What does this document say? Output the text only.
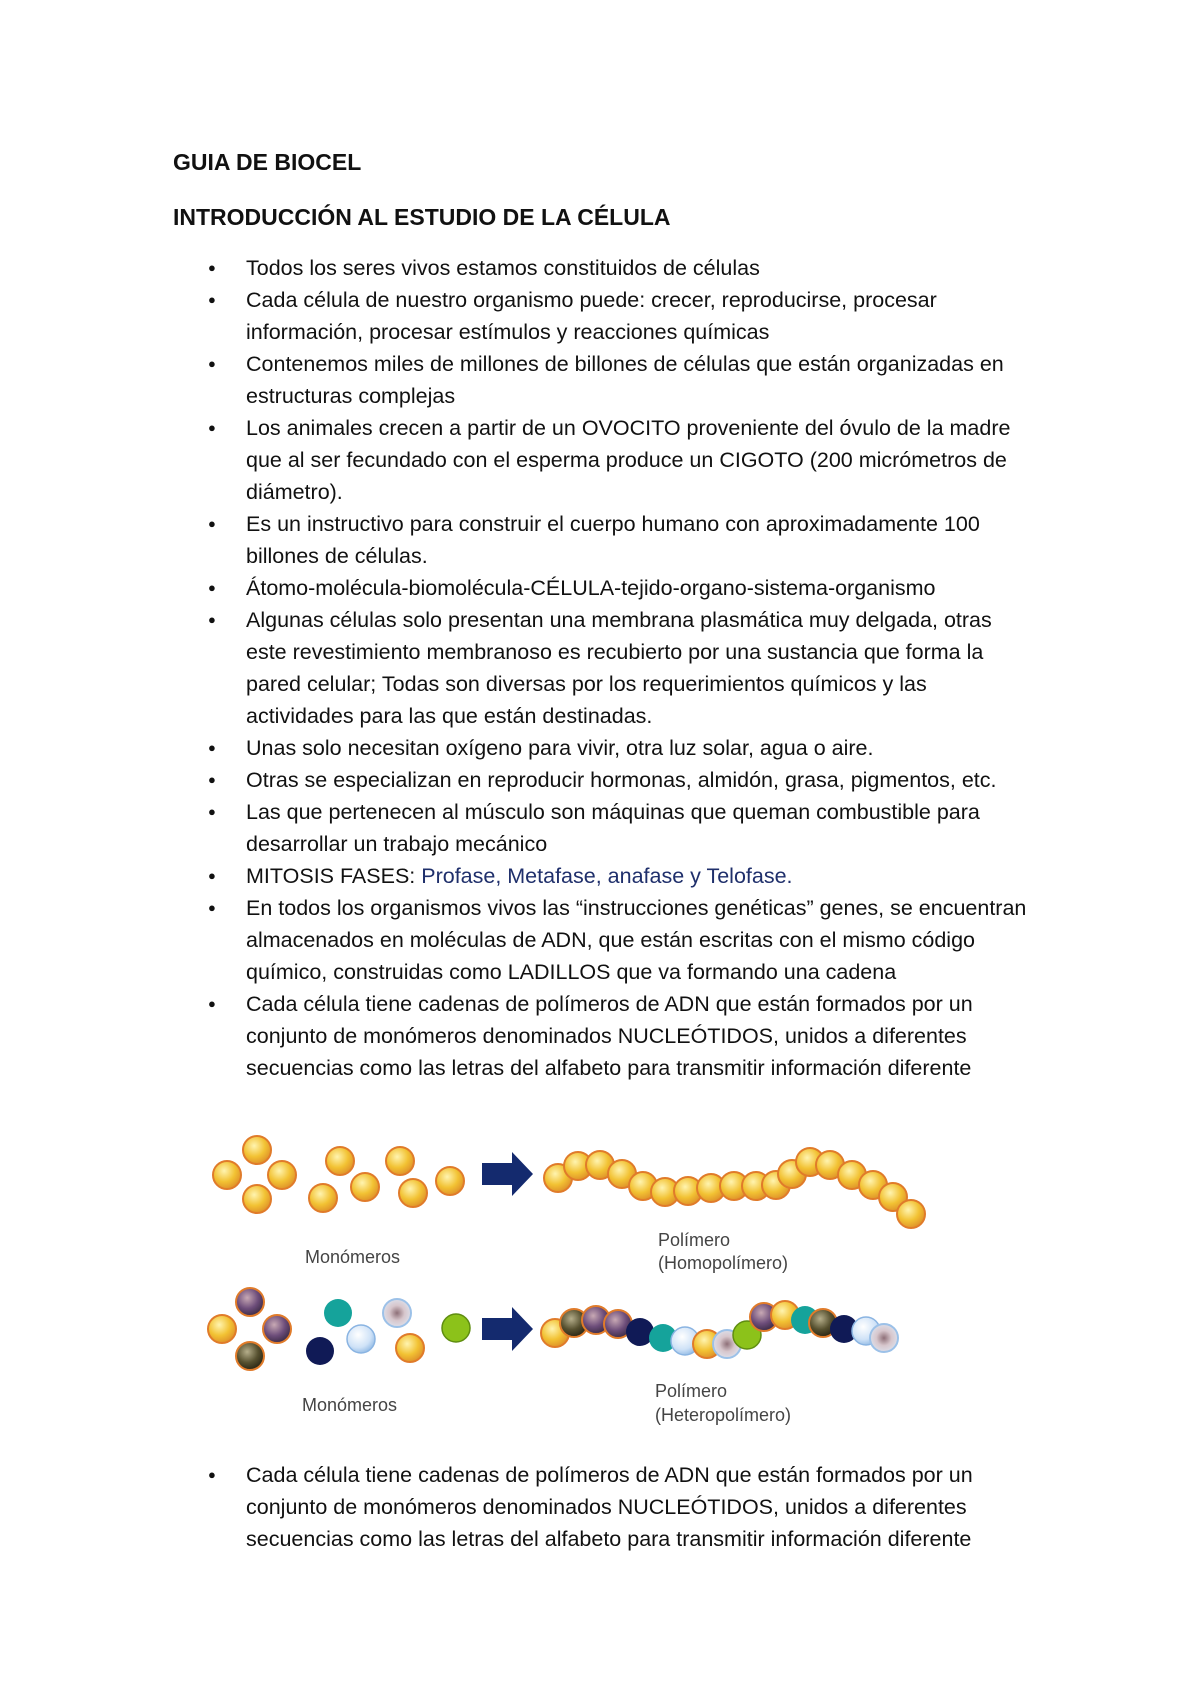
GUIA DE BIOCEL
INTRODUCCIÓN AL ESTUDIO DE LA CÉLULA
● Todos los seres vivos estamos constituidos de células
● Cada célula de nuestro organismo puede: crecer, reproducirse, procesar información, procesar estímulos y reacciones químicas
● Contenemos miles de millones de billones de células que están organizadas en estructuras complejas
● Los animales crecen a partir de un OVOCITO proveniente del óvulo de la madre que al ser fecundado con el esperma produce un CIGOTO (200 micrómetros de diámetro).
● Es un instructivo para construir el cuerpo humano con aproximadamente 100 billones de células.
● Átomo-molécula-biomolécula-CÉLULA-tejido-organo-sistema-organismo
● Algunas células solo presentan una membrana plasmática muy delgada, otras este revestimiento membranoso es recubierto por una sustancia que forma la pared celular; Todas son diversas por los requerimientos químicos y las actividades para las que están destinadas.
● Unas solo necesitan oxígeno para vivir, otra luz solar, agua o aire.
● Otras se especializan en reproducir hormonas, almidón, grasa, pigmentos, etc.
● Las que pertenecen al músculo son máquinas que queman combustible para desarrollar un trabajo mecánico
● MITOSIS FASES: Profase, Metafase, anafase y Telofase.
● En todos los organismos vivos las “instrucciones genéticas” genes, se encuentran almacenados en moléculas de ADN, que están escritas con el mismo código químico, construidas como LADILLOS que va formando una cadena
● Cada célula tiene cadenas de polímeros de ADN que están formados por un conjunto de monómeros denominados NUCLEÓTIDOS, unidos a diferentes secuencias como las letras del alfabeto para transmitir información diferente
Monómeros
Polímero
(Homopolímero)
Monómeros
Polímero
(Heteropolímero)
● Cada célula tiene cadenas de polímeros de ADN que están formados por un conjunto de monómeros denominados NUCLEÓTIDOS, unidos a diferentes secuencias como las letras del alfabeto para transmitir información diferente
